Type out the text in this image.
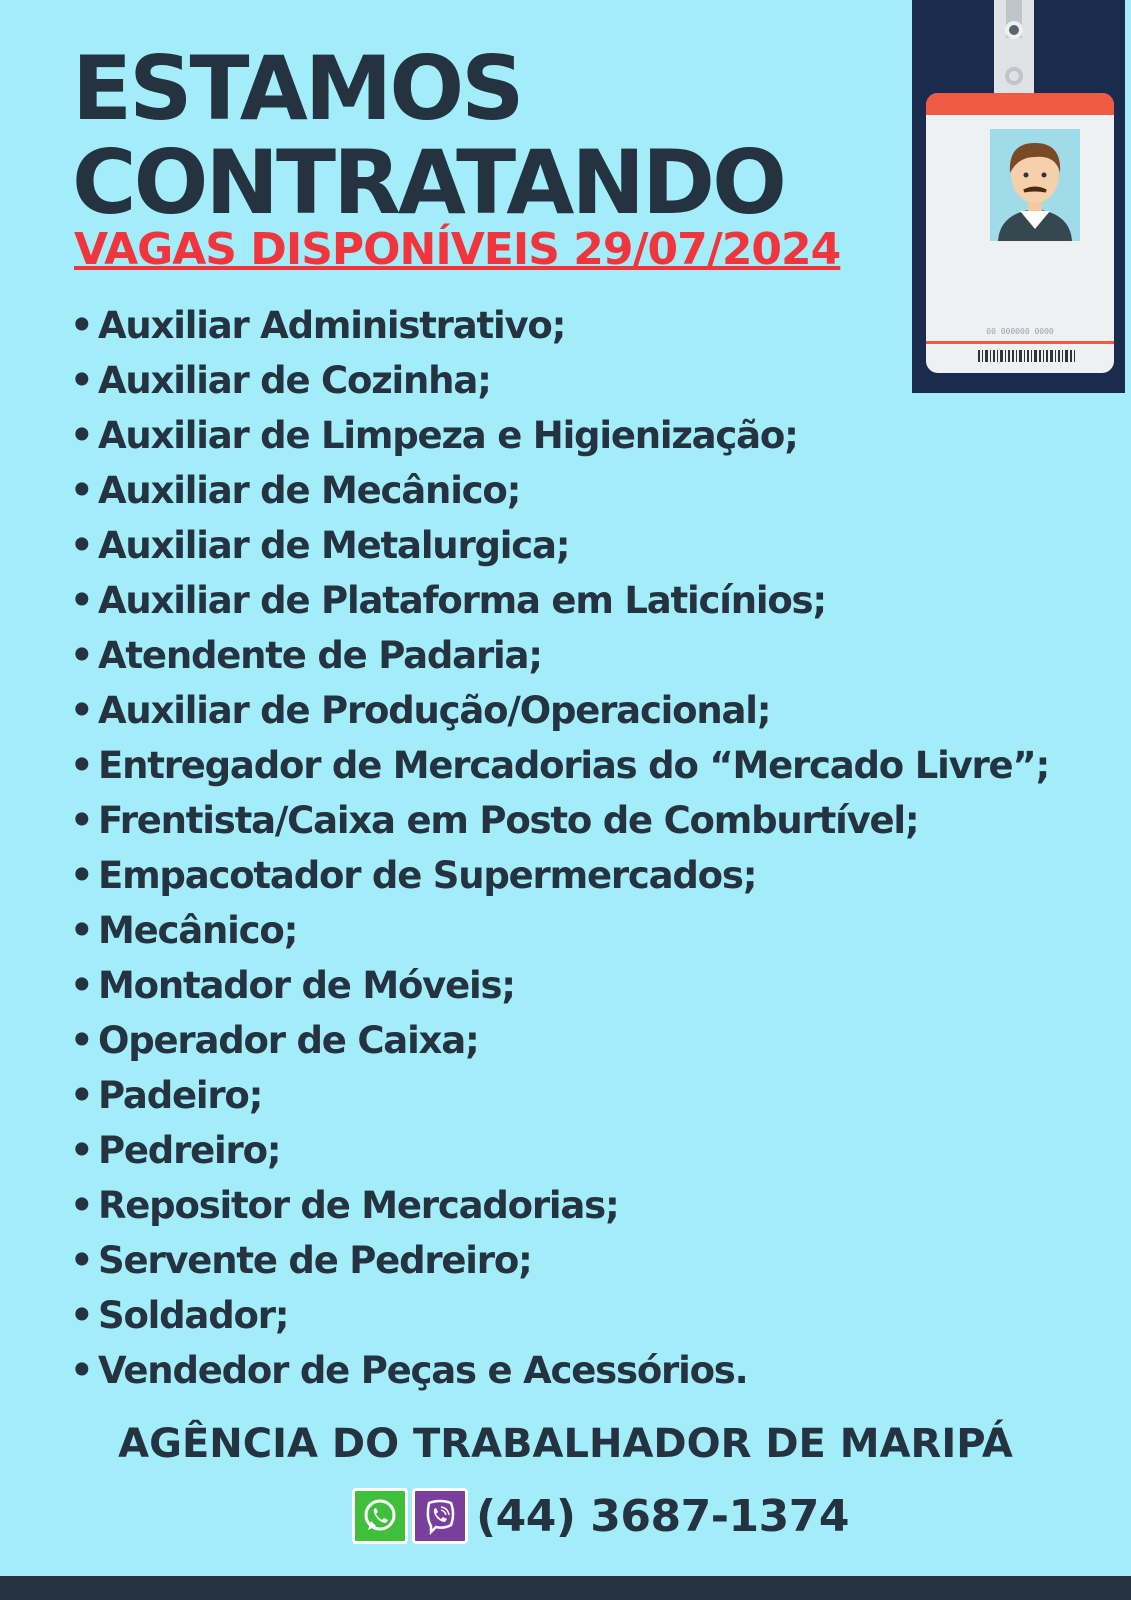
00 000000 0000
ESTAMOS
CONTRATANDO
VAGAS DISPONÍVEIS 29/07/2024
• Auxiliar Administrativo;
• Auxiliar de Cozinha;
• Auxiliar de Limpeza e Higienização;
• Auxiliar de Mecânico;
• Auxiliar de Metalurgica;
• Auxiliar de Plataforma em Laticínios;
• Atendente de Padaria;
• Auxiliar de Produção/Operacional;
• Entregador de Mercadorias do “Mercado Livre”;
• Frentista/Caixa em Posto de Comburtível;
• Empacotador de Supermercados;
• Mecânico;
• Montador de Móveis;
• Operador de Caixa;
• Padeiro;
• Pedreiro;
• Repositor de Mercadorias;
• Servente de Pedreiro;
• Soldador;
• Vendedor de Peças e Acessórios.
AGÊNCIA DO TRABALHADOR DE MARIPÁ
(44) 3687-1374
